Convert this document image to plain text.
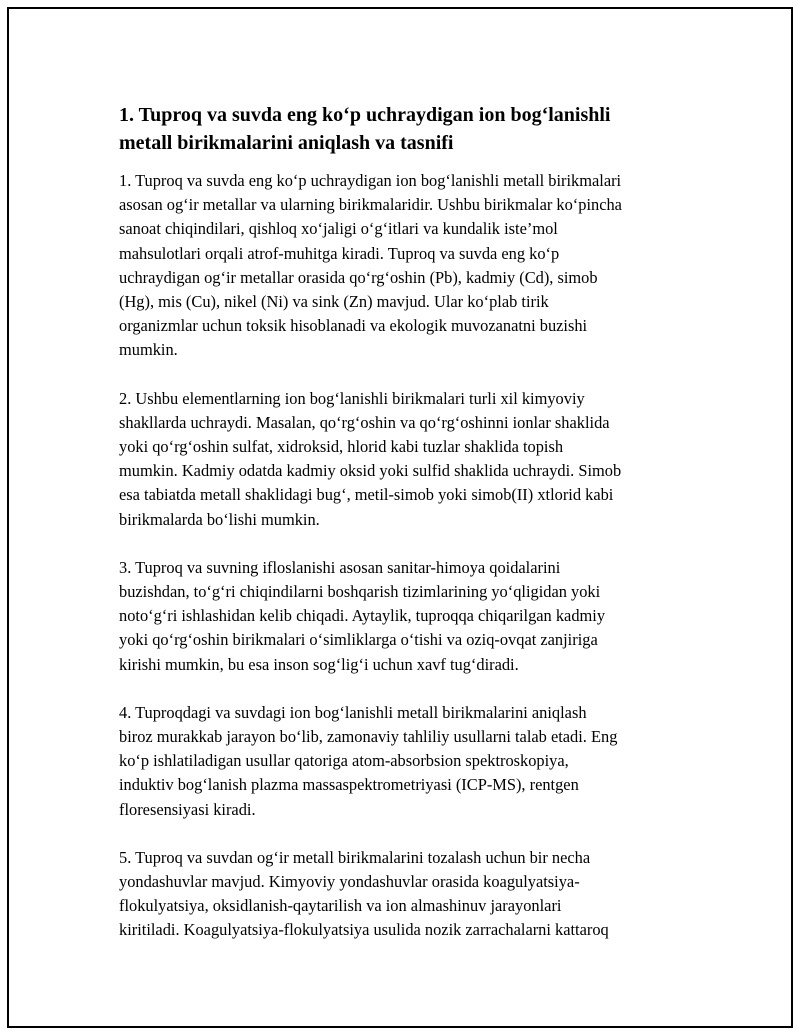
1. Tuproq va suvda eng ko‘p uchraydigan ion bog‘lanishli
metall birikmalarini aniqlash va tasnifi

1. Tuproq va suvda eng ko‘p uchraydigan ion bog‘lanishli metall birikmalari
asosan og‘ir metallar va ularning birikmalaridir. Ushbu birikmalar ko‘pincha
sanoat chiqindilari, qishloq xo‘jaligi o‘g‘itlari va kundalik iste’mol
mahsulotlari orqali atrof-muhitga kiradi. Tuproq va suvda eng ko‘p
uchraydigan og‘ir metallar orasida qo‘rg‘oshin (Pb), kadmiy (Cd), simob
(Hg), mis (Cu), nikel (Ni) va sink (Zn) mavjud. Ular ko‘plab tirik
organizmlar uchun toksik hisoblanadi va ekologik muvozanatni buzishi
mumkin.

2. Ushbu elementlarning ion bog‘lanishli birikmalari turli xil kimyoviy
shakllarda uchraydi. Masalan, qo‘rg‘oshin va qo‘rg‘oshinni ionlar shaklida
yoki qo‘rg‘oshin sulfat, xidroksid, hlorid kabi tuzlar shaklida topish
mumkin. Kadmiy odatda kadmiy oksid yoki sulfid shaklida uchraydi. Simob
esa tabiatda metall shaklidagi bug‘, metil-simob yoki simob(II) xtlorid kabi
birikmalarda bo‘lishi mumkin.

3. Tuproq va suvning ifloslanishi asosan sanitar-himoya qoidalarini
buzishdan, to‘g‘ri chiqindilarni boshqarish tizimlarining yo‘qligidan yoki
noto‘g‘ri ishlashidan kelib chiqadi. Aytaylik, tuproqqa chiqarilgan kadmiy
yoki qo‘rg‘oshin birikmalari o‘simliklarga o‘tishi va oziq-ovqat zanjiriga
kirishi mumkin, bu esa inson sog‘lig‘i uchun xavf tug‘diradi.

4. Tuproqdagi va suvdagi ion bog‘lanishli metall birikmalarini aniqlash
biroz murakkab jarayon bo‘lib, zamonaviy tahliliy usullarni talab etadi. Eng
ko‘p ishlatiladigan usullar qatoriga atom-absorbsion spektroskopiya,
induktiv bog‘lanish plazma massaspektrometriyasi (ICP-MS), rentgen
floresensiyasi kiradi.

5. Tuproq va suvdan og‘ir metall birikmalarini tozalash uchun bir necha
yondashuvlar mavjud. Kimyoviy yondashuvlar orasida koagulyatsiya-
flokulyatsiya, oksidlanish-qaytarilish va ion almashinuv jarayonlari
kiritiladi. Koagulyatsiya-flokulyatsiya usulida nozik zarrachalarni kattaroq
